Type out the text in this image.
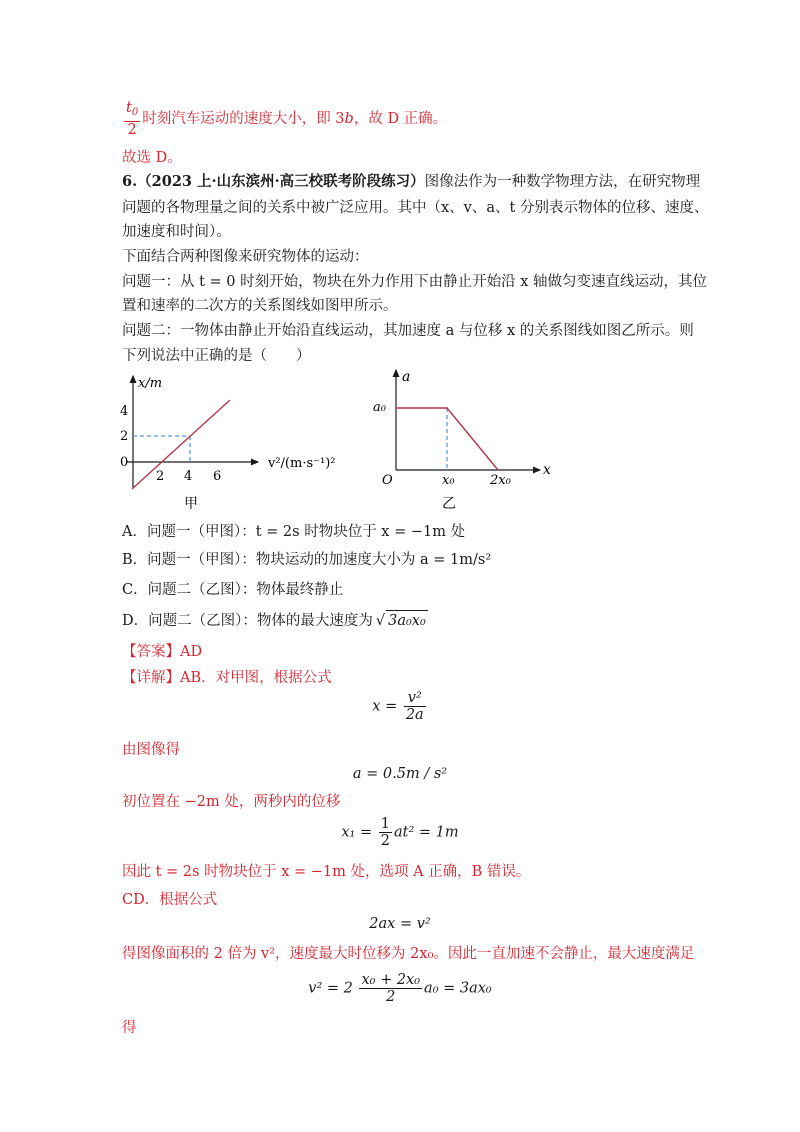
$\frac{t_0}{2}$ 时刻汽车运动的速度大小，即 3b，故 D 正确。
故选 D。
6.（2023 上·山东滨州·高三校联考阶段练习）图像法作为一种数学物理方法，在研究物理
问题的各物理量之间的关系中被广泛应用。其中（x、v、a、t 分别表示物体的位移、速度、
加速度和时间）。
下面结合两种图像来研究物体的运动：
问题一：从 t = 0 时刻开始，物块在外力作用下由静止开始沿 x 轴做匀变速直线运动，其位
置和速率的二次方的关系图线如图甲所示。
问题二：一物体由静止开始沿直线运动，其加速度 a 与位移 x 的关系图线如图乙所示。则
下列说法中正确的是（　　）
x/m
v²/(m·s⁻¹)²
4
2
0
2 4 6
甲
a
a₀
O
x
x₀	2x₀
乙
A．问题一（甲图）：t = 2s 时物块位于 x = −1m 处
B．问题一（甲图）：物块运动的加速度大小为 a = 1m/s²
C．问题二（乙图）：物体最终静止
D．问题二（乙图）：物体的最大速度为 √ 3a₀x₀
【答案】AD
【详解】AB．对甲图，根据公式
$x = \frac{\text{v²}}{2a}$
由图像得
a = 0.5m / s²
初位置在 −2m 处，两秒内的位移
$x_1 = \frac{1}{2} at^2 = 1m$
因此 t = 2s 时物块位于 x = −1m 处，选项 A 正确，B 错误。
CD．根据公式
2ax = v²
得图像面积的 2 倍为 v²，速度最大时位移为 2x₀。因此一直加速不会静止，最大速度满足
$v^2 = 2 \frac{\text{x₀ + 2x₀}}{2} a_0 = 3ax_0$
得
